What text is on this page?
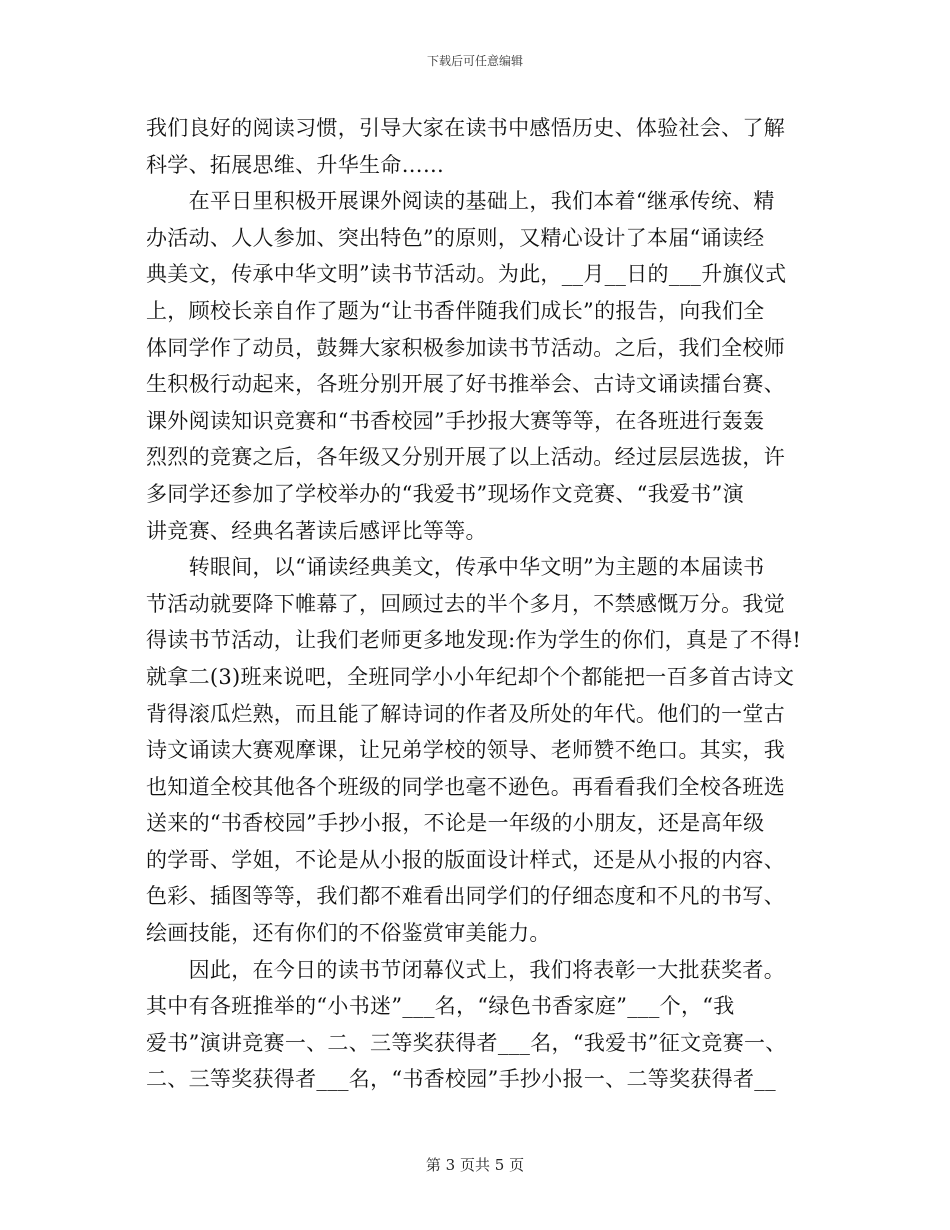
下载后可任意编辑
我们良好的阅读习惯，引导大家在读书中感悟历史、体验社会、了解
科学、拓展思维、升华生命……
　　在平日里积极开展课外阅读的基础上，我们本着“继承传统、精
办活动、人人参加、突出特色”的原则，又精心设计了本届“诵读经
典美文，传承中华文明”读书节活动。为此，__月__日的___升旗仪式
上，顾校长亲自作了题为“让书香伴随我们成长”的报告，向我们全
体同学作了动员，鼓舞大家积极参加读书节活动。之后，我们全校师
生积极行动起来，各班分别开展了好书推举会、古诗文诵读擂台赛、
课外阅读知识竞赛和“书香校园”手抄报大赛等等，在各班进行轰轰
烈烈的竞赛之后，各年级又分别开展了以上活动。经过层层选拔，许
多同学还参加了学校举办的“我爱书”现场作文竞赛、“我爱书”演
讲竞赛、经典名著读后感评比等等。
　　转眼间，以“诵读经典美文，传承中华文明”为主题的本届读书
节活动就要降下帷幕了，回顾过去的半个多月，不禁感慨万分。我觉
得读书节活动，让我们老师更多地发现:作为学生的你们，真是了不得!
就拿二(3)班来说吧，全班同学小小年纪却个个都能把一百多首古诗文
背得滚瓜烂熟，而且能了解诗词的作者及所处的年代。他们的一堂古
诗文诵读大赛观摩课，让兄弟学校的领导、老师赞不绝口。其实，我
也知道全校其他各个班级的同学也毫不逊色。再看看我们全校各班选
送来的“书香校园”手抄小报，不论是一年级的小朋友，还是高年级
的学哥、学姐，不论是从小报的版面设计样式，还是从小报的内容、
色彩、插图等等，我们都不难看出同学们的仔细态度和不凡的书写、
绘画技能，还有你们的不俗鉴赏审美能力。
　　因此，在今日的读书节闭幕仪式上，我们将表彰一大批获奖者。
其中有各班推举的“小书迷”___名，“绿色书香家庭”___个，“我
爱书”演讲竞赛一、二、三等奖获得者___名，“我爱书”征文竞赛一、
二、三等奖获得者___名，“书香校园”手抄小报一、二等奖获得者__
第 3 页共 5 页
